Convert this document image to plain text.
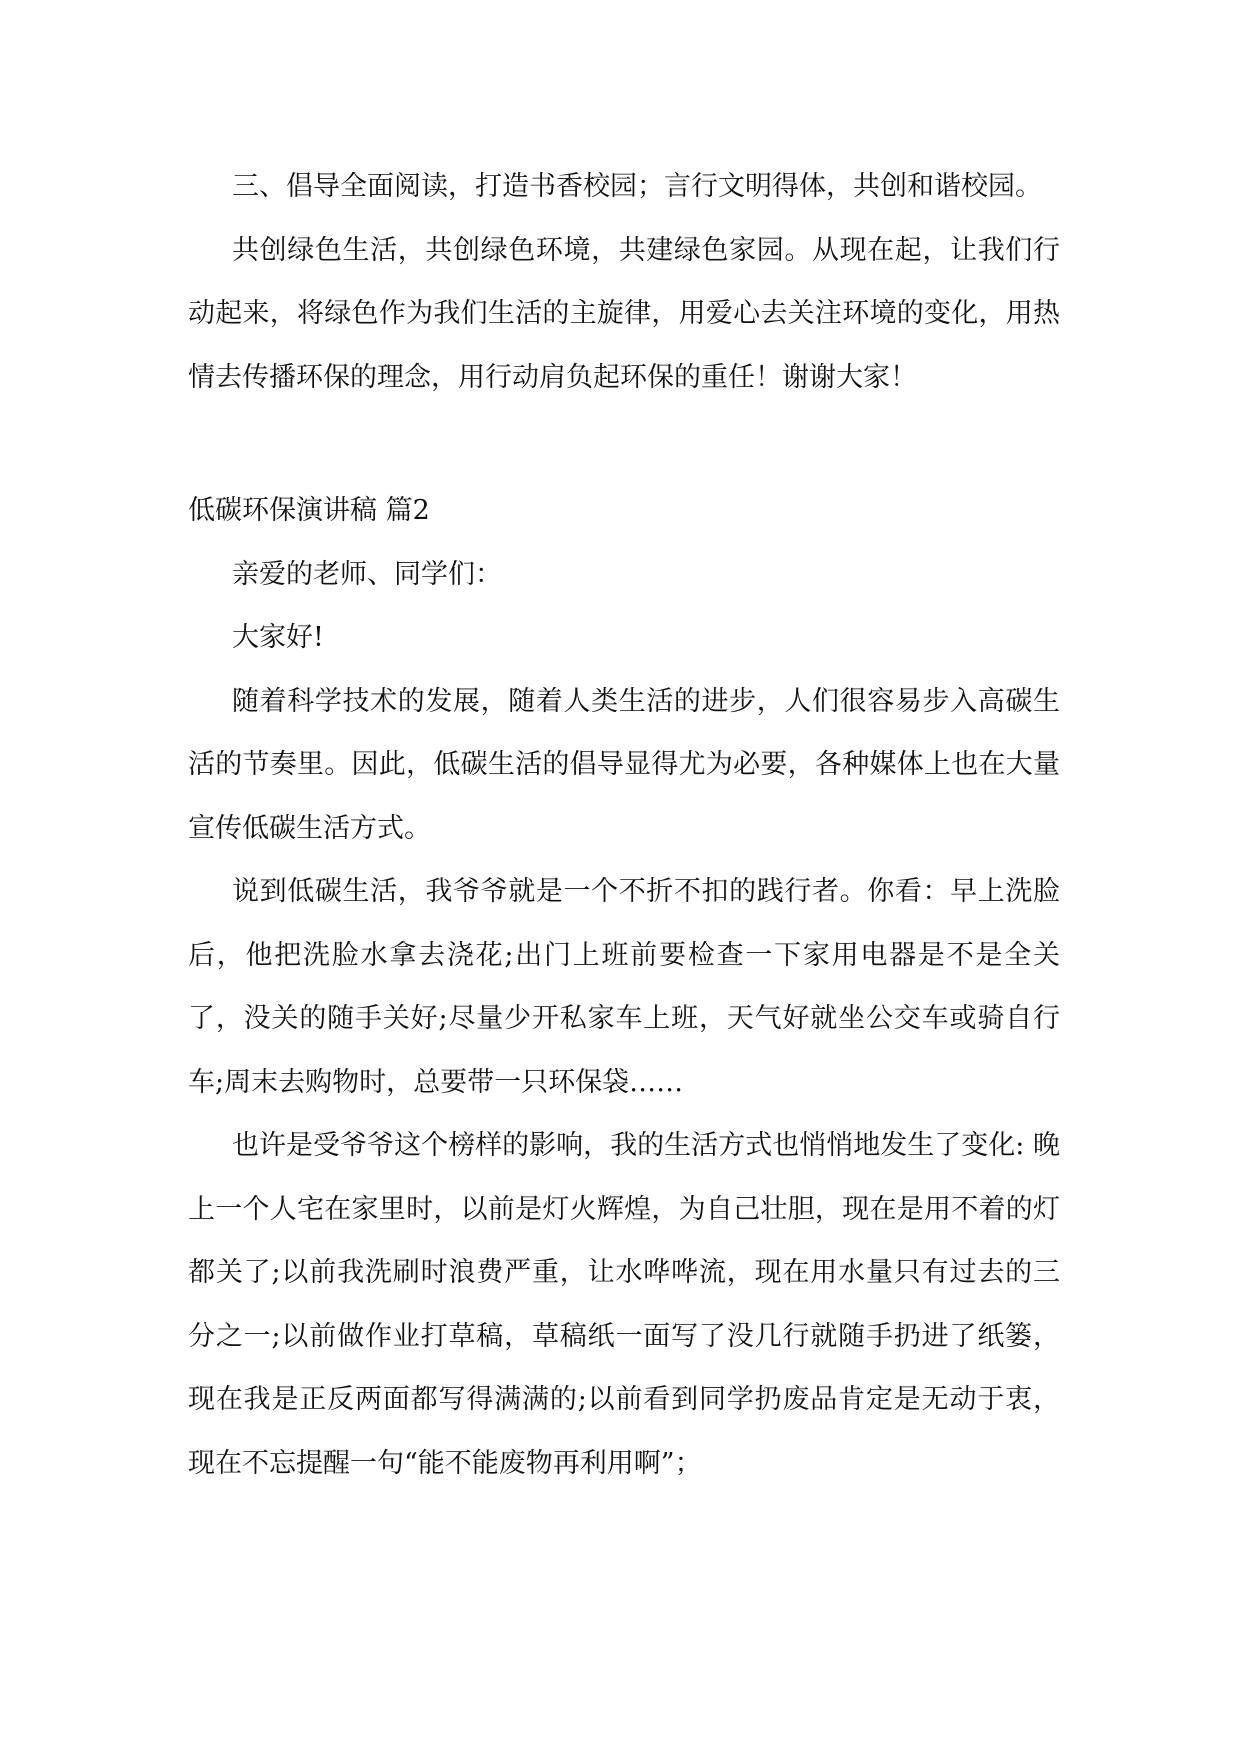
三、倡导全面阅读，打造书香校园；言行文明得体，共创和谐校园。

共创绿色生活，共创绿色环境，共建绿色家园。从现在起，让我们行动起来，将绿色作为我们生活的主旋律，用爱心去关注环境的变化，用热情去传播环保的理念，用行动肩负起环保的重任！谢谢大家！

低碳环保演讲稿 篇2

亲爱的老师、同学们：

大家好!

随着科学技术的发展，随着人类生活的进步，人们很容易步入高碳生活的节奏里。因此，低碳生活的倡导显得尤为必要，各种媒体上也在大量宣传低碳生活方式。

说到低碳生活，我爷爷就是一个不折不扣的践行者。你看：早上洗脸后，他把洗脸水拿去浇花;出门上班前要检查一下家用电器是不是全关了，没关的随手关好;尽量少开私家车上班，天气好就坐公交车或骑自行车;周末去购物时，总要带一只环保袋……

也许是受爷爷这个榜样的影响，我的生活方式也悄悄地发生了变化: 晚上一个人宅在家里时，以前是灯火辉煌，为自己壮胆，现在是用不着的灯都关了;以前我洗刷时浪费严重，让水哗哗流，现在用水量只有过去的三分之一;以前做作业打草稿，草稿纸一面写了没几行就随手扔进了纸篓，现在我是正反两面都写得满满的;以前看到同学扔废品肯定是无动于衷，现在不忘提醒一句“能不能废物再利用啊”；
